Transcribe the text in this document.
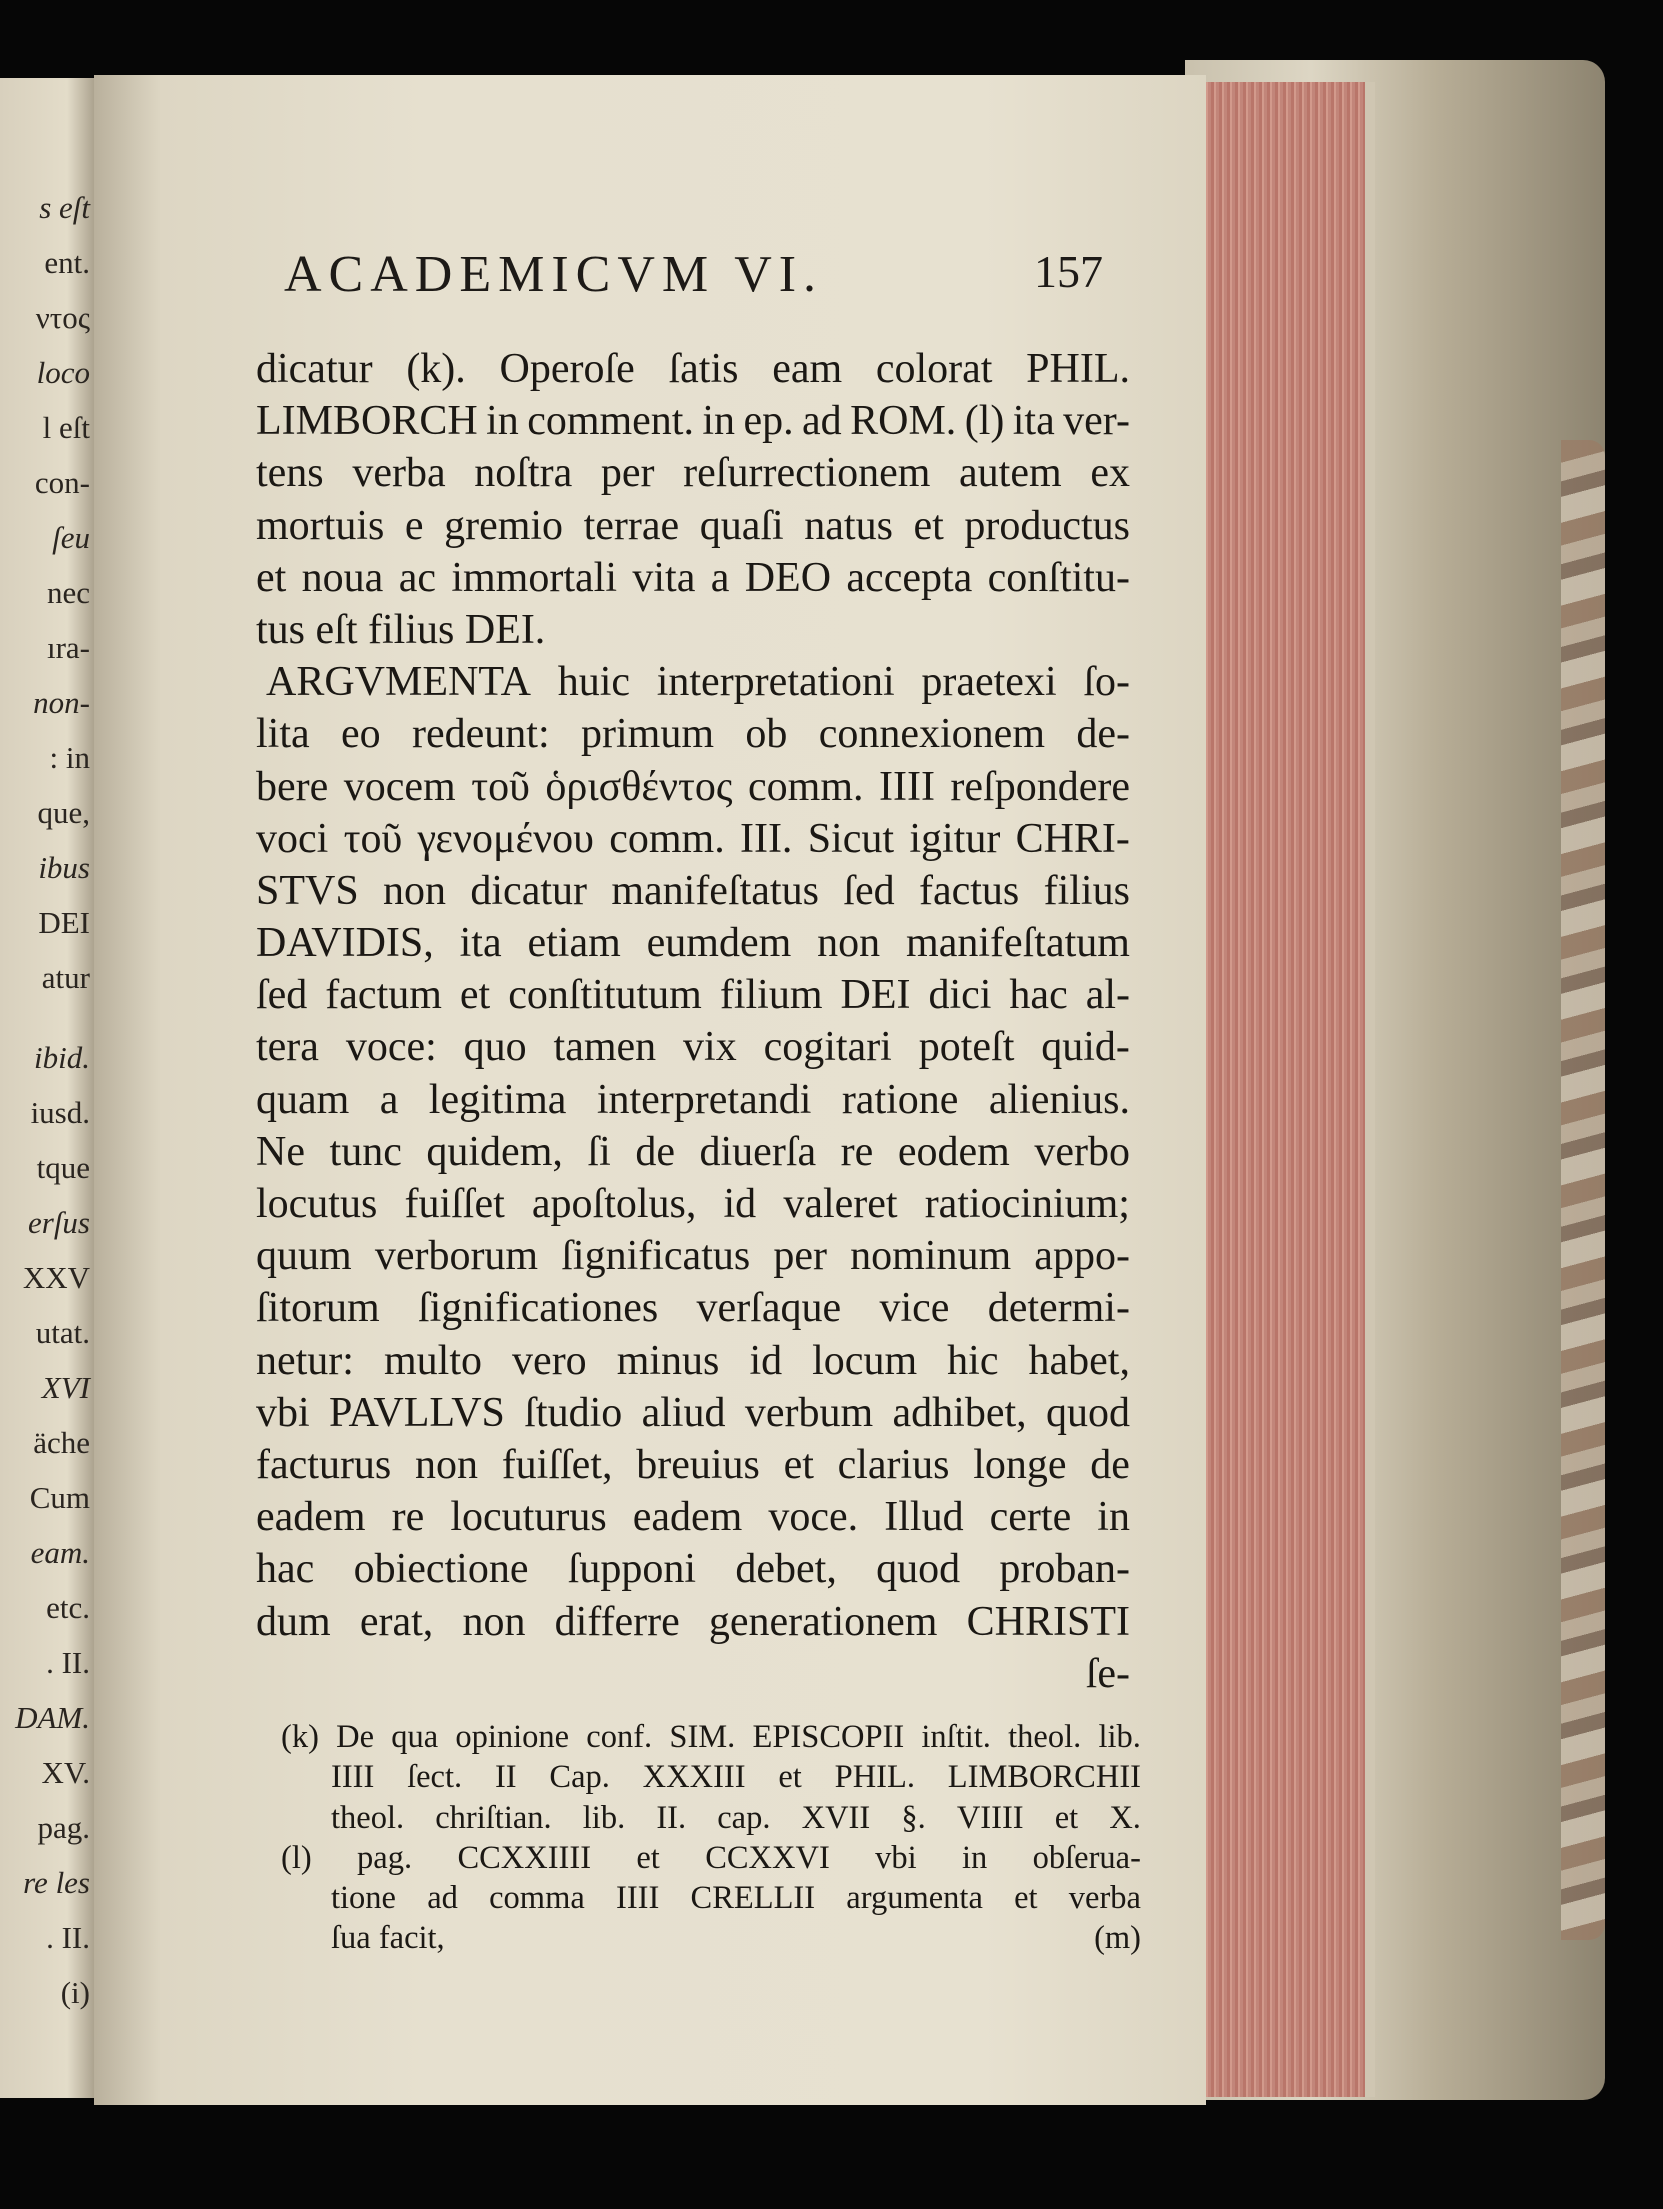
s eſt
ent.
ντος
loco
l eſt
con-
ſeu
nec
ıra-
non-
: in
que,
ibus
DEI
atur
ibid.
iusd.
tque
erſus
XXV
utat.
XVI
äche
Cum
eam.
etc.
. II.
DAM.
XV.
pag.
re les
. II.
(i)
ACADEMICVM VI.	157
dicatur (k). Operoſe ſatis eam colorat PHIL.
LIMBORCH in comment. in ep. ad ROM. (l) ita ver-
tens verba noſtra per reſurrectionem autem ex
mortuis e gremio terrae quaſi natus et productus
et noua ac immortali vita a DEO accepta conſtitu-
tus eſt filius DEI.
ARGVMENTA huic interpretationi praetexi ſo-
lita eo redeunt: primum ob connexionem de-
bere vocem τοῦ ὁρισθέντος comm. IIII reſpondere
voci τοῦ γενομένου comm. III. Sicut igitur CHRI-
STVS non dicatur manifeſtatus ſed factus filius
DAVIDIS, ita etiam eumdem non manifeſtatum
ſed factum et conſtitutum filium DEI dici hac al-
tera voce: quo tamen vix cogitari poteſt quid-
quam a legitima interpretandi ratione alienius.
Ne tunc quidem, ſi de diuerſa re eodem verbo
locutus fuiſſet apoſtolus, id valeret ratiocinium;
quum verborum ſignificatus per nominum appo-
ſitorum ſignificationes verſaque vice determi-
netur: multo vero minus id locum hic habet,
vbi PAVLLVS ſtudio aliud verbum adhibet, quod
facturus non fuiſſet, breuius et clarius longe de
eadem re locuturus eadem voce. Illud certe in
hac obiectione ſupponi debet, quod proban-
dum erat, non differre generationem CHRISTI
ſe-
(k) De qua opinione conf. SIM. EPISCOPII inſtit. theol. lib.
IIII ſect. II Cap. XXXIII et PHIL. LIMBORCHII
theol. chriſtian. lib. II. cap. XVII §. VIIII et X.
(l) pag. CCXXIIII et CCXXVI vbi in obſerua-
tione ad comma IIII CRELLII argumenta et verba
ſua facit,	(m)
